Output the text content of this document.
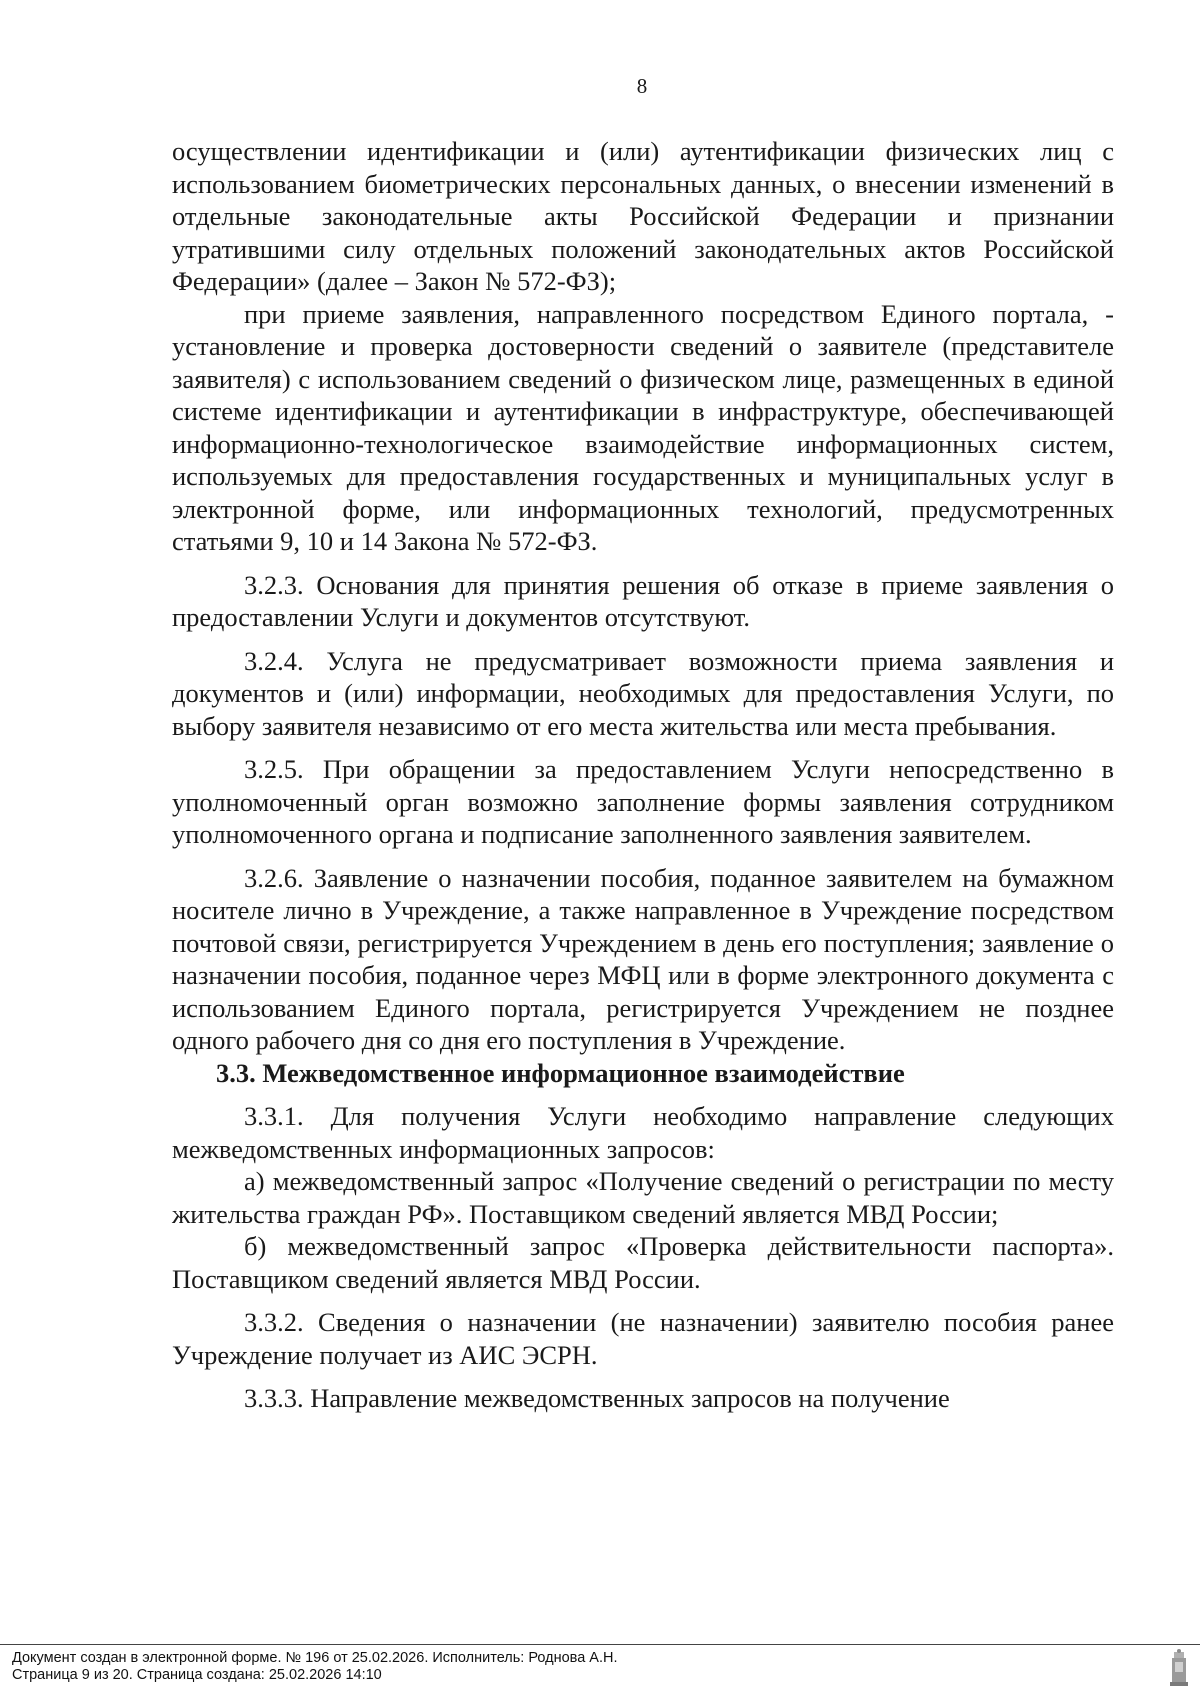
8

осуществлении идентификации и (или) аутентификации физических лиц с использованием биометрических персональных данных, о внесении изменений в отдельные законодательные акты Российской Федерации и признании утратившими силу отдельных положений законодательных актов Российской Федерации» (далее – Закон № 572-ФЗ);

при приеме заявления, направленного посредством Единого портала, - установление и проверка достоверности сведений о заявителе (представителе заявителя) с использованием сведений о физическом лице, размещенных в единой системе идентификации и аутентификации в инфраструктуре, обеспечивающей информационно-технологическое взаимодействие информационных систем, используемых для предоставления государственных и муниципальных услуг в электронной форме, или информационных технологий, предусмотренных статьями 9, 10 и 14 Закона № 572-ФЗ.

3.2.3. Основания для принятия решения об отказе в приеме заявления о предоставлении Услуги и документов отсутствуют.

3.2.4. Услуга не предусматривает возможности приема заявления и документов и (или) информации, необходимых для предоставления Услуги, по выбору заявителя независимо от его места жительства или места пребывания.

3.2.5. При обращении за предоставлением Услуги непосредственно в уполномоченный орган возможно заполнение формы заявления сотрудником уполномоченного органа и подписание заполненного заявления заявителем.

3.2.6. Заявление о назначении пособия, поданное заявителем на бумажном носителе лично в Учреждение, а также направленное в Учреждение посредством почтовой связи, регистрируется Учреждением в день его поступления; заявление о назначении пособия, поданное через МФЦ или в форме электронного документа с использованием Единого портала, регистрируется Учреждением не позднее одного рабочего дня со дня его поступления в Учреждение.

3.3. Межведомственное информационное взаимодействие

3.3.1. Для получения Услуги необходимо направление следующих межведомственных информационных запросов:

а) межведомственный запрос «Получение сведений о регистрации по месту жительства граждан РФ». Поставщиком сведений является МВД России;

б) межведомственный запрос «Проверка действительности паспорта». Поставщиком сведений является МВД России.

3.3.2. Сведения о назначении (не назначении) заявителю пособия ранее Учреждение получает из АИС ЭСРН.

3.3.3. Направление межведомственных запросов на получение

Документ создан в электронной форме. № 196 от 25.02.2026. Исполнитель: Роднова А.Н.
Страница 9 из 20. Страница создана: 25.02.2026 14:10
